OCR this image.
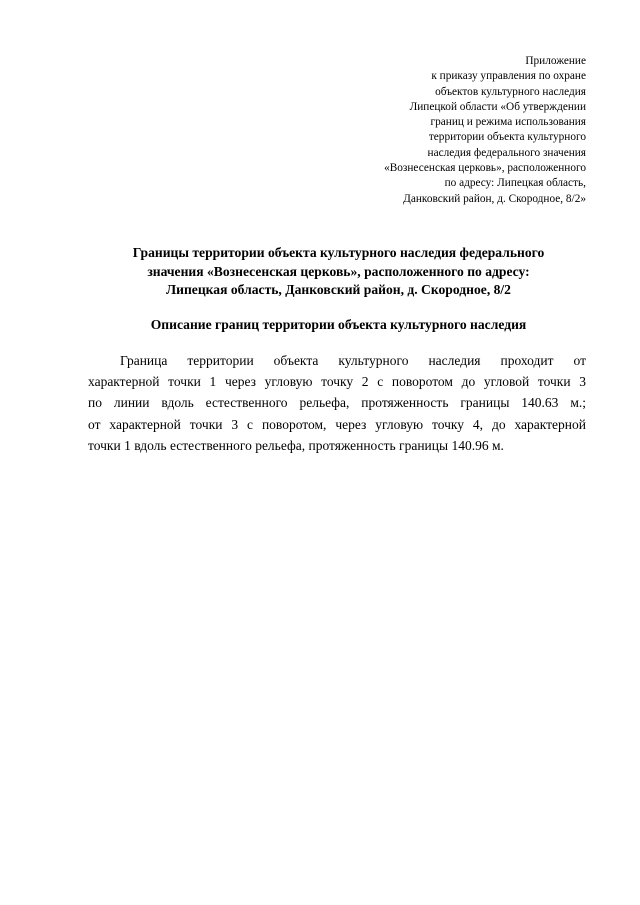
Приложение
к приказу управления по охране
объектов культурного наследия
Липецкой области «Об утверждении
границ и режима использования
территории объекта культурного
наследия федерального значения
«Вознесенская церковь», расположенного
по адресу: Липецкая область,
Данковский район, д. Скородное, 8/2»
Границы территории объекта культурного наследия федерального
значения «Вознесенская церковь», расположенного по адресу:
Липецкая область, Данковский район, д. Скородное, 8/2
Описание границ территории объекта культурного наследия
Граница территории объекта культурного наследия проходит от
характерной точки 1 через угловую точку 2 с поворотом до угловой точки 3
по линии вдоль естественного рельефа, протяженность границы 140.63 м.;
от характерной точки 3 с поворотом, через угловую точку 4, до характерной
точки 1 вдоль естественного рельефа, протяженность границы 140.96 м.
